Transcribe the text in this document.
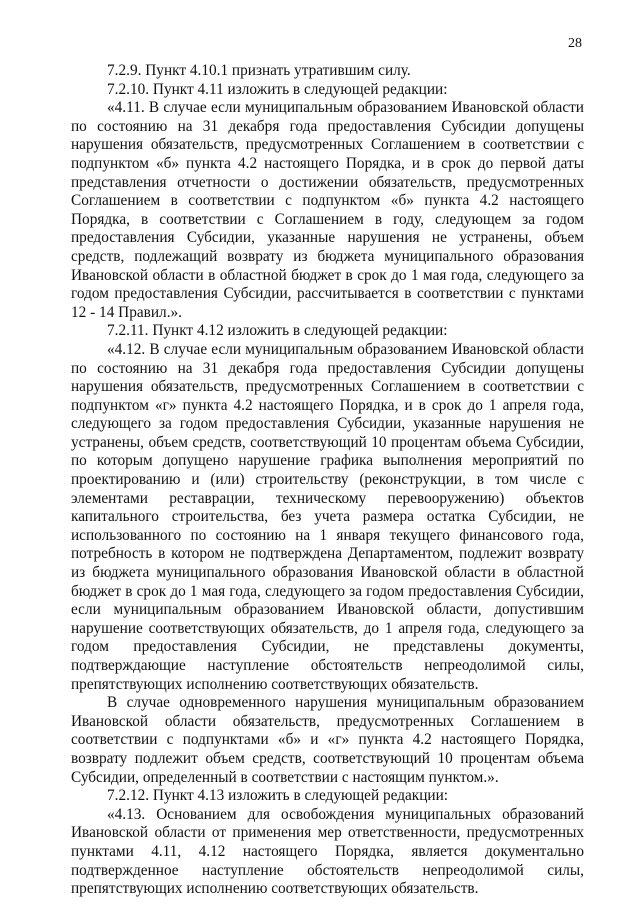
28

7.2.9. Пункт 4.10.1 признать утратившим силу.

7.2.10. Пункт 4.11 изложить в следующей редакции:

«4.11. В случае если муниципальным образованием Ивановской области по состоянию на 31 декабря года предоставления Субсидии допущены нарушения обязательств, предусмотренных Соглашением в соответствии с подпунктом «б» пункта 4.2 настоящего Порядка, и в срок до первой даты представления отчетности о достижении обязательств, предусмотренных Соглашением в соответствии с подпунктом «б» пункта 4.2 настоящего Порядка, в соответствии с Соглашением в году, следующем за годом предоставления Субсидии, указанные нарушения не устранены, объем средств, подлежащий возврату из бюджета муниципального образования Ивановской области в областной бюджет в срок до 1 мая года, следующего за годом предоставления Субсидии, рассчитывается в соответствии с пунктами 12 - 14 Правил.».

7.2.11. Пункт 4.12 изложить в следующей редакции:

«4.12. В случае если муниципальным образованием Ивановской области по состоянию на 31 декабря года предоставления Субсидии допущены нарушения обязательств, предусмотренных Соглашением в соответствии с подпунктом «г» пункта 4.2 настоящего Порядка, и в срок до 1 апреля года, следующего за годом предоставления Субсидии, указанные нарушения не устранены, объем средств, соответствующий 10 процентам объема Субсидии, по которым допущено нарушение графика выполнения мероприятий по проектированию и (или) строительству (реконструкции, в том числе с элементами реставрации, техническому перевооружению) объектов капитального строительства, без учета размера остатка Субсидии, не использованного по состоянию на 1 января текущего финансового года, потребность в котором не подтверждена Департаментом, подлежит возврату из бюджета муниципального образования Ивановской области в областной бюджет в срок до 1 мая года, следующего за годом предоставления Субсидии, если муниципальным образованием Ивановской области, допустившим нарушение соответствующих обязательств, до 1 апреля года, следующего за годом предоставления Субсидии, не представлены документы, подтверждающие наступление обстоятельств непреодолимой силы, препятствующих исполнению соответствующих обязательств.

В случае одновременного нарушения муниципальным образованием Ивановской области обязательств, предусмотренных Соглашением в соответствии с подпунктами «б» и «г» пункта 4.2 настоящего Порядка, возврату подлежит объем средств, соответствующий 10 процентам объема Субсидии, определенный в соответствии с настоящим пунктом.».

7.2.12. Пункт 4.13 изложить в следующей редакции:

«4.13. Основанием для освобождения муниципальных образований Ивановской области от применения мер ответственности, предусмотренных пунктами 4.11, 4.12 настоящего Порядка, является документально подтвержденное наступление обстоятельств непреодолимой силы, препятствующих исполнению соответствующих обязательств.
